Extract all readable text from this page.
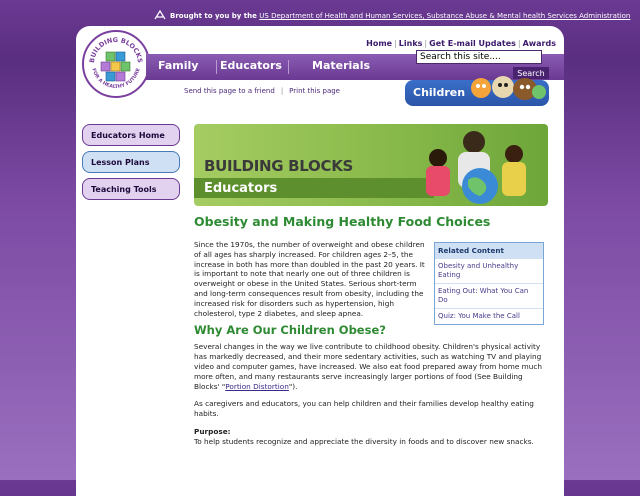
Brought to you by the US Department of Health and Human Services, Substance Abuse & Mental health Services Administration
BUILDING BLOCKS
FOR A HEALTHY FUTURE
Home | Links | Get E-mail Updates | Awards
Family Educators	Materials
Search this site....
Search
Send this page to a friend | Print this page	Children
Educators Home
Lesson Plans
Teaching Tools
BUILDING BLOCKS
Educators
Obesity and Making Healthy Food Choices

Since the 1970s, the number of overweight and obese children of all ages has sharply increased. For children ages 2–5, the increase in both has more than doubled in the past 20 years. It is important to note that nearly one out of three children is overweight or obese in the United States. Serious short-term and long-term consequences result from obesity, including the increased risk for disorders such as hypertension, high cholesterol, type 2 diabetes, and sleep apnea.

Related Content
Obesity and Unhealthy Eating
Eating Out: What You Can Do
Quiz: You Make the Call
Why Are Our Children Obese?

Several changes in the way we live contribute to childhood obesity. Children's physical activity has markedly decreased, and their more sedentary activities, such as watching TV and playing video and computer games, have increased. We also eat food prepared away from home much more often, and many restaurants serve increasingly larger portions of food (See Building Blocks' "Portion Distortion").

As caregivers and educators, you can help children and their families develop healthy eating habits.

Purpose:

To help students recognize and appreciate the diversity in foods and to discover new snacks.
